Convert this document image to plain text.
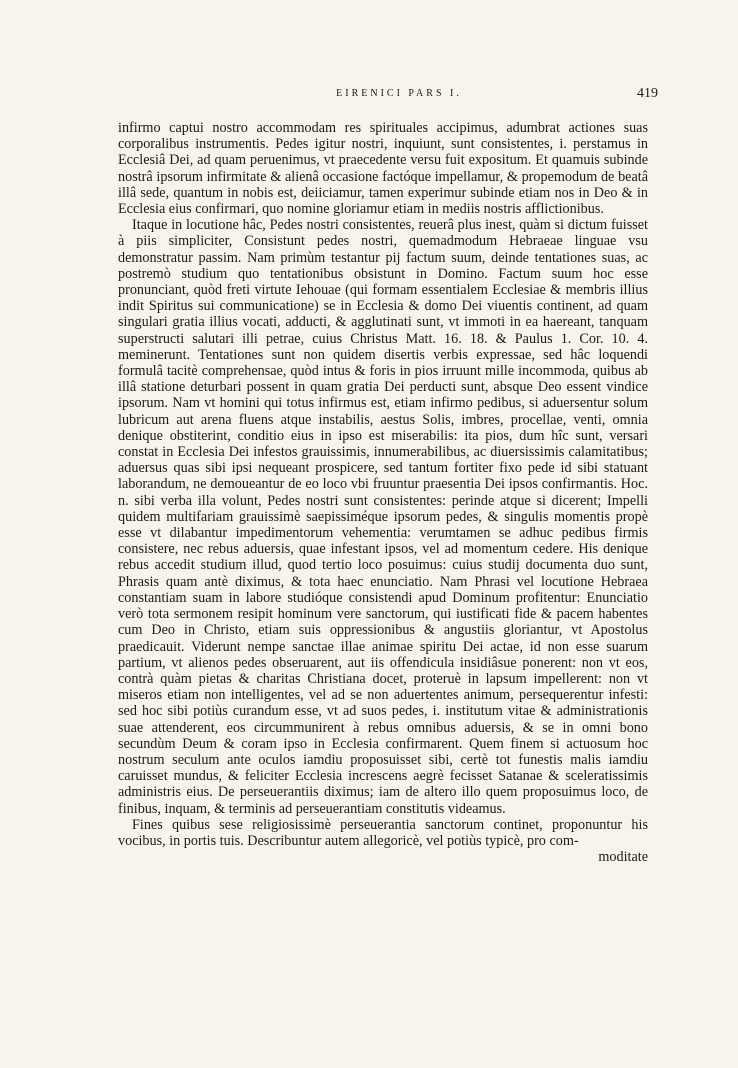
EIRENICI PARS I.	419

infirmo captui nostro accommodam res spirituales accipimus, adumbrat actiones suas corporalibus instrumentis. Pedes igitur nostri, inquiunt, sunt consistentes, i. perstamus in Ecclesiâ Dei, ad quam peruenimus, vt praecedente versu fuit expositum. Et quamuis subinde nostrâ ipsorum infirmitate & alienâ occasione factóque impellamur, & propemodum de beatâ illâ sede, quantum in nobis est, deiiciamur, tamen experimur subinde etiam nos in Deo & in Ecclesia eius confirmari, quo nomine gloriamur etiam in mediis nostris afflictionibus.

Itaque in locutione hâc, Pedes nostri consistentes, reuerâ plus inest, quàm si dictum fuisset à piis simpliciter, Consistunt pedes nostri, quemadmodum Hebraeae linguae vsu demonstratur passim. Nam primùm testantur pij factum suum, deinde tentationes suas, ac postremò studium quo tentationibus obsistunt in Domino. Factum suum hoc esse pronunciant, quòd freti virtute Iehouae (qui formam essentialem Ecclesiae & membris illius indit Spiritus sui communicatione) se in Ecclesia & domo Dei viuentis continent, ad quam singulari gratia illius vocati, adducti, & agglutinati sunt, vt immoti in ea haereant, tanquam superstructi salutari illi petrae, cuius Christus Matt. 16. 18. & Paulus 1. Cor. 10. 4. meminerunt. Tentationes sunt non quidem disertis verbis expressae, sed hâc loquendi formulâ tacitè comprehensae, quòd intus & foris in pios irruunt mille incommoda, quibus ab illâ statione deturbari possent in quam gratia Dei perducti sunt, absque Deo essent vindice ipsorum. Nam vt homini qui totus infirmus est, etiam infirmo pedibus, si aduersentur solum lubricum aut arena fluens atque instabilis, aestus Solis, imbres, procellae, venti, omnia denique obstiterint, conditio eius in ipso est miserabilis: ita pios, dum hîc sunt, versari constat in Ecclesia Dei infestos grauissimis, innumerabilibus, ac diuersissimis calamitatibus; aduersus quas sibi ipsi nequeant prospicere, sed tantum fortiter fixo pede id sibi statuant laborandum, ne demoueantur de eo loco vbi fruuntur praesentia Dei ipsos confirmantis. Hoc. n. sibi verba illa volunt, Pedes nostri sunt consistentes: perinde atque si dicerent; Impelli quidem multifariam grauissimè saepissiméque ipsorum pedes, & singulis momentis propè esse vt dilabantur impedimentorum vehementia: verumtamen se adhuc pedibus firmis consistere, nec rebus aduersis, quae infestant ipsos, vel ad momentum cedere. His denique rebus accedit studium illud, quod tertio loco posuimus: cuius studij documenta duo sunt, Phrasis quam antè diximus, & tota haec enunciatio. Nam Phrasi vel locutione Hebraea constantiam suam in labore studióque consistendi apud Dominum profitentur: Enunciatio verò tota sermonem resipit hominum vere sanctorum, qui iustificati fide & pacem habentes cum Deo in Christo, etiam suis oppressionibus & angustiis gloriantur, vt Apostolus praedicauit. Viderunt nempe sanctae illae animae spiritu Dei actae, id non esse suarum partium, vt alienos pedes obseruarent, aut iis offendicula insidiâsue ponerent: non vt eos, contrà quàm pietas & charitas Christiana docet, proteruè in lapsum impellerent: non vt miseros etiam non intelligentes, vel ad se non aduertentes animum, persequerentur infesti: sed hoc sibi potiùs curandum esse, vt ad suos pedes, i. institutum vitae & administrationis suae attenderent, eos circummunirent à rebus omnibus aduersis, & se in omni bono secundùm Deum & coram ipso in Ecclesia confirmarent. Quem finem si actuosum hoc nostrum seculum ante oculos iamdiu proposuisset sibi, certè tot funestis malis iamdiu caruisset mundus, & feliciter Ecclesia increscens aegrè fecisset Satanae & sceleratissimis administris eius. De perseuerantiis diximus; iam de altero illo quem proposuimus loco, de finibus, inquam, & terminis ad perseuerantiam constitutis videamus.

Fines quibus sese religiosissimè perseuerantia sanctorum continet, proponuntur his vocibus, in portis tuis. Describuntur autem allegoricè, vel potiùs typicè, pro com-

moditate
